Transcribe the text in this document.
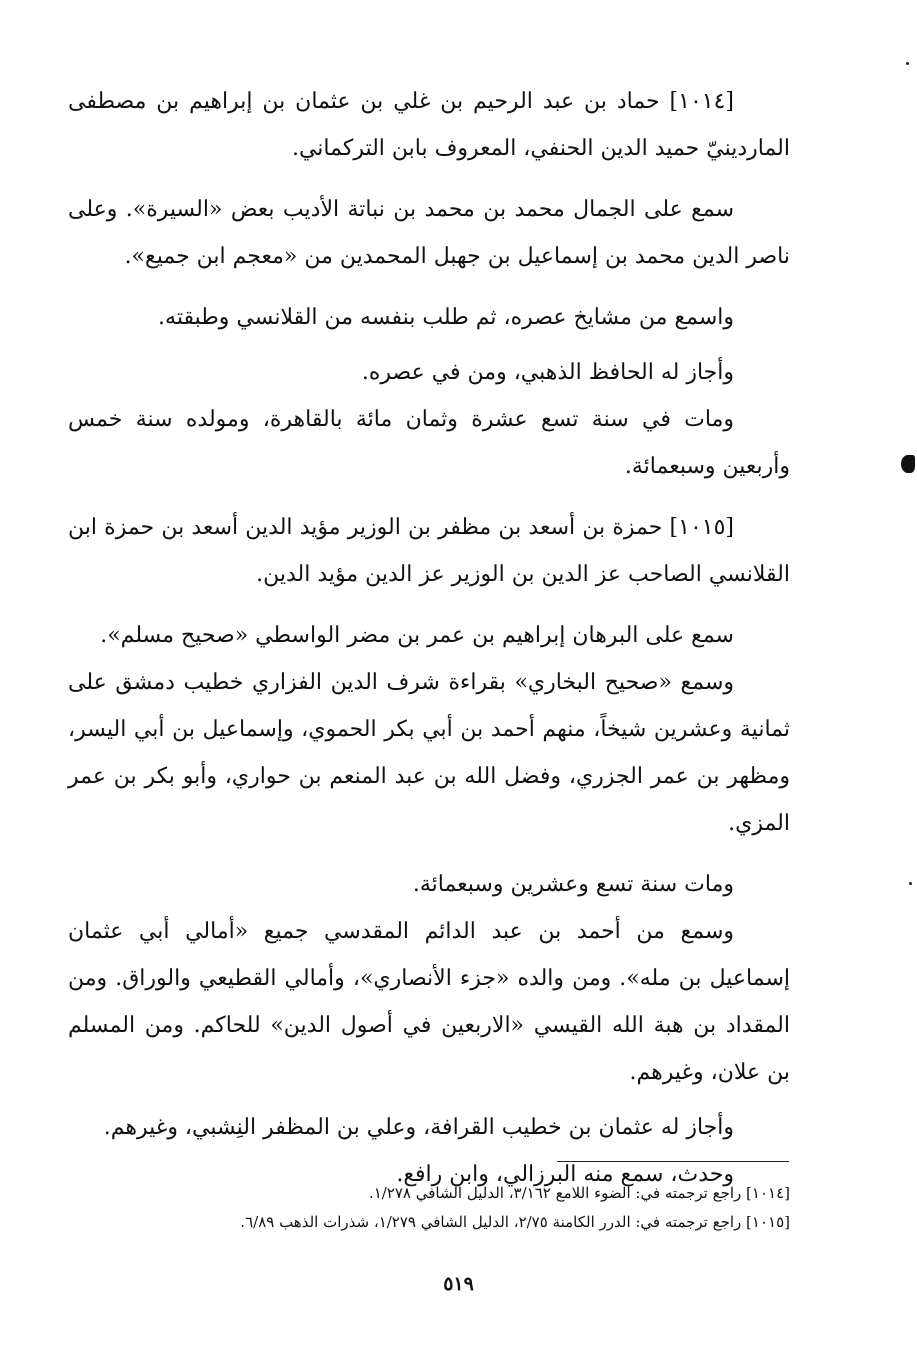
[١٠١٤] حماد بن عبد الرحيم بن غلي بن عثمان بن إبراهيم بن مصطفى الماردينيّ حميد الدين الحنفي، المعروف بابن التركماني.

سمع على الجمال محمد بن محمد بن نباتة الأديب بعض «السيرة». وعلى ناصر الدين محمد بن إسماعيل بن جهبل المحمدين من «معجم ابن جميع».

واسمع من مشايخ عصره، ثم طلب بنفسه من القلانسي وطبقته.

وأجاز له الحافظ الذهبي، ومن في عصره.

ومات في سنة تسع عشرة وثمان مائة بالقاهرة، ومولده سنة خمس وأربعين وسبعمائة.

[١٠١٥] حمزة بن أسعد بن مظفر بن الوزير مؤيد الدين أسعد بن حمزة ابن القلانسي الصاحب عز الدين بن الوزير عز الدين مؤيد الدين.

سمع على البرهان إبراهيم بن عمر بن مضر الواسطي «صحيح مسلم».

وسمع «صحيح البخاري» بقراءة شرف الدين الفزاري خطيب دمشق على ثمانية وعشرين شيخاً، منهم أحمد بن أبي بكر الحموي، وإسماعيل بن أبي اليسر، ومظهر بن عمر الجزري، وفضل الله بن عبد المنعم بن حواري، وأبو بكر بن عمر المزي.

ومات سنة تسع وعشرين وسبعمائة.

وسمع من أحمد بن عبد الدائم المقدسي جميع «أمالي أبي عثمان إسماعيل بن مله». ومن والده «جزء الأنصاري»، وأمالي القطيعي والوراق. ومن المقداد بن هبة الله القيسي «الاربعين في أصول الدين» للحاكم. ومن المسلم بن علان، وغيرهم.

وأجاز له عثمان بن خطيب القرافة، وعلي بن المظفر النِشبي، وغيرهم.

وحدث، سمع منه البرزالي، وابن رافع.

[١٠١٤] راجع ترجمته في: الضوء اللامع ٣/١٦٢، الدليل الشافي ١/٢٧٨.

[١٠١٥] راجع ترجمته في: الدرر الكامنة ٢/٧٥، الدليل الشافي ١/٢٧٩، شذرات الذهب ٦/٨٩.

٥١٩
